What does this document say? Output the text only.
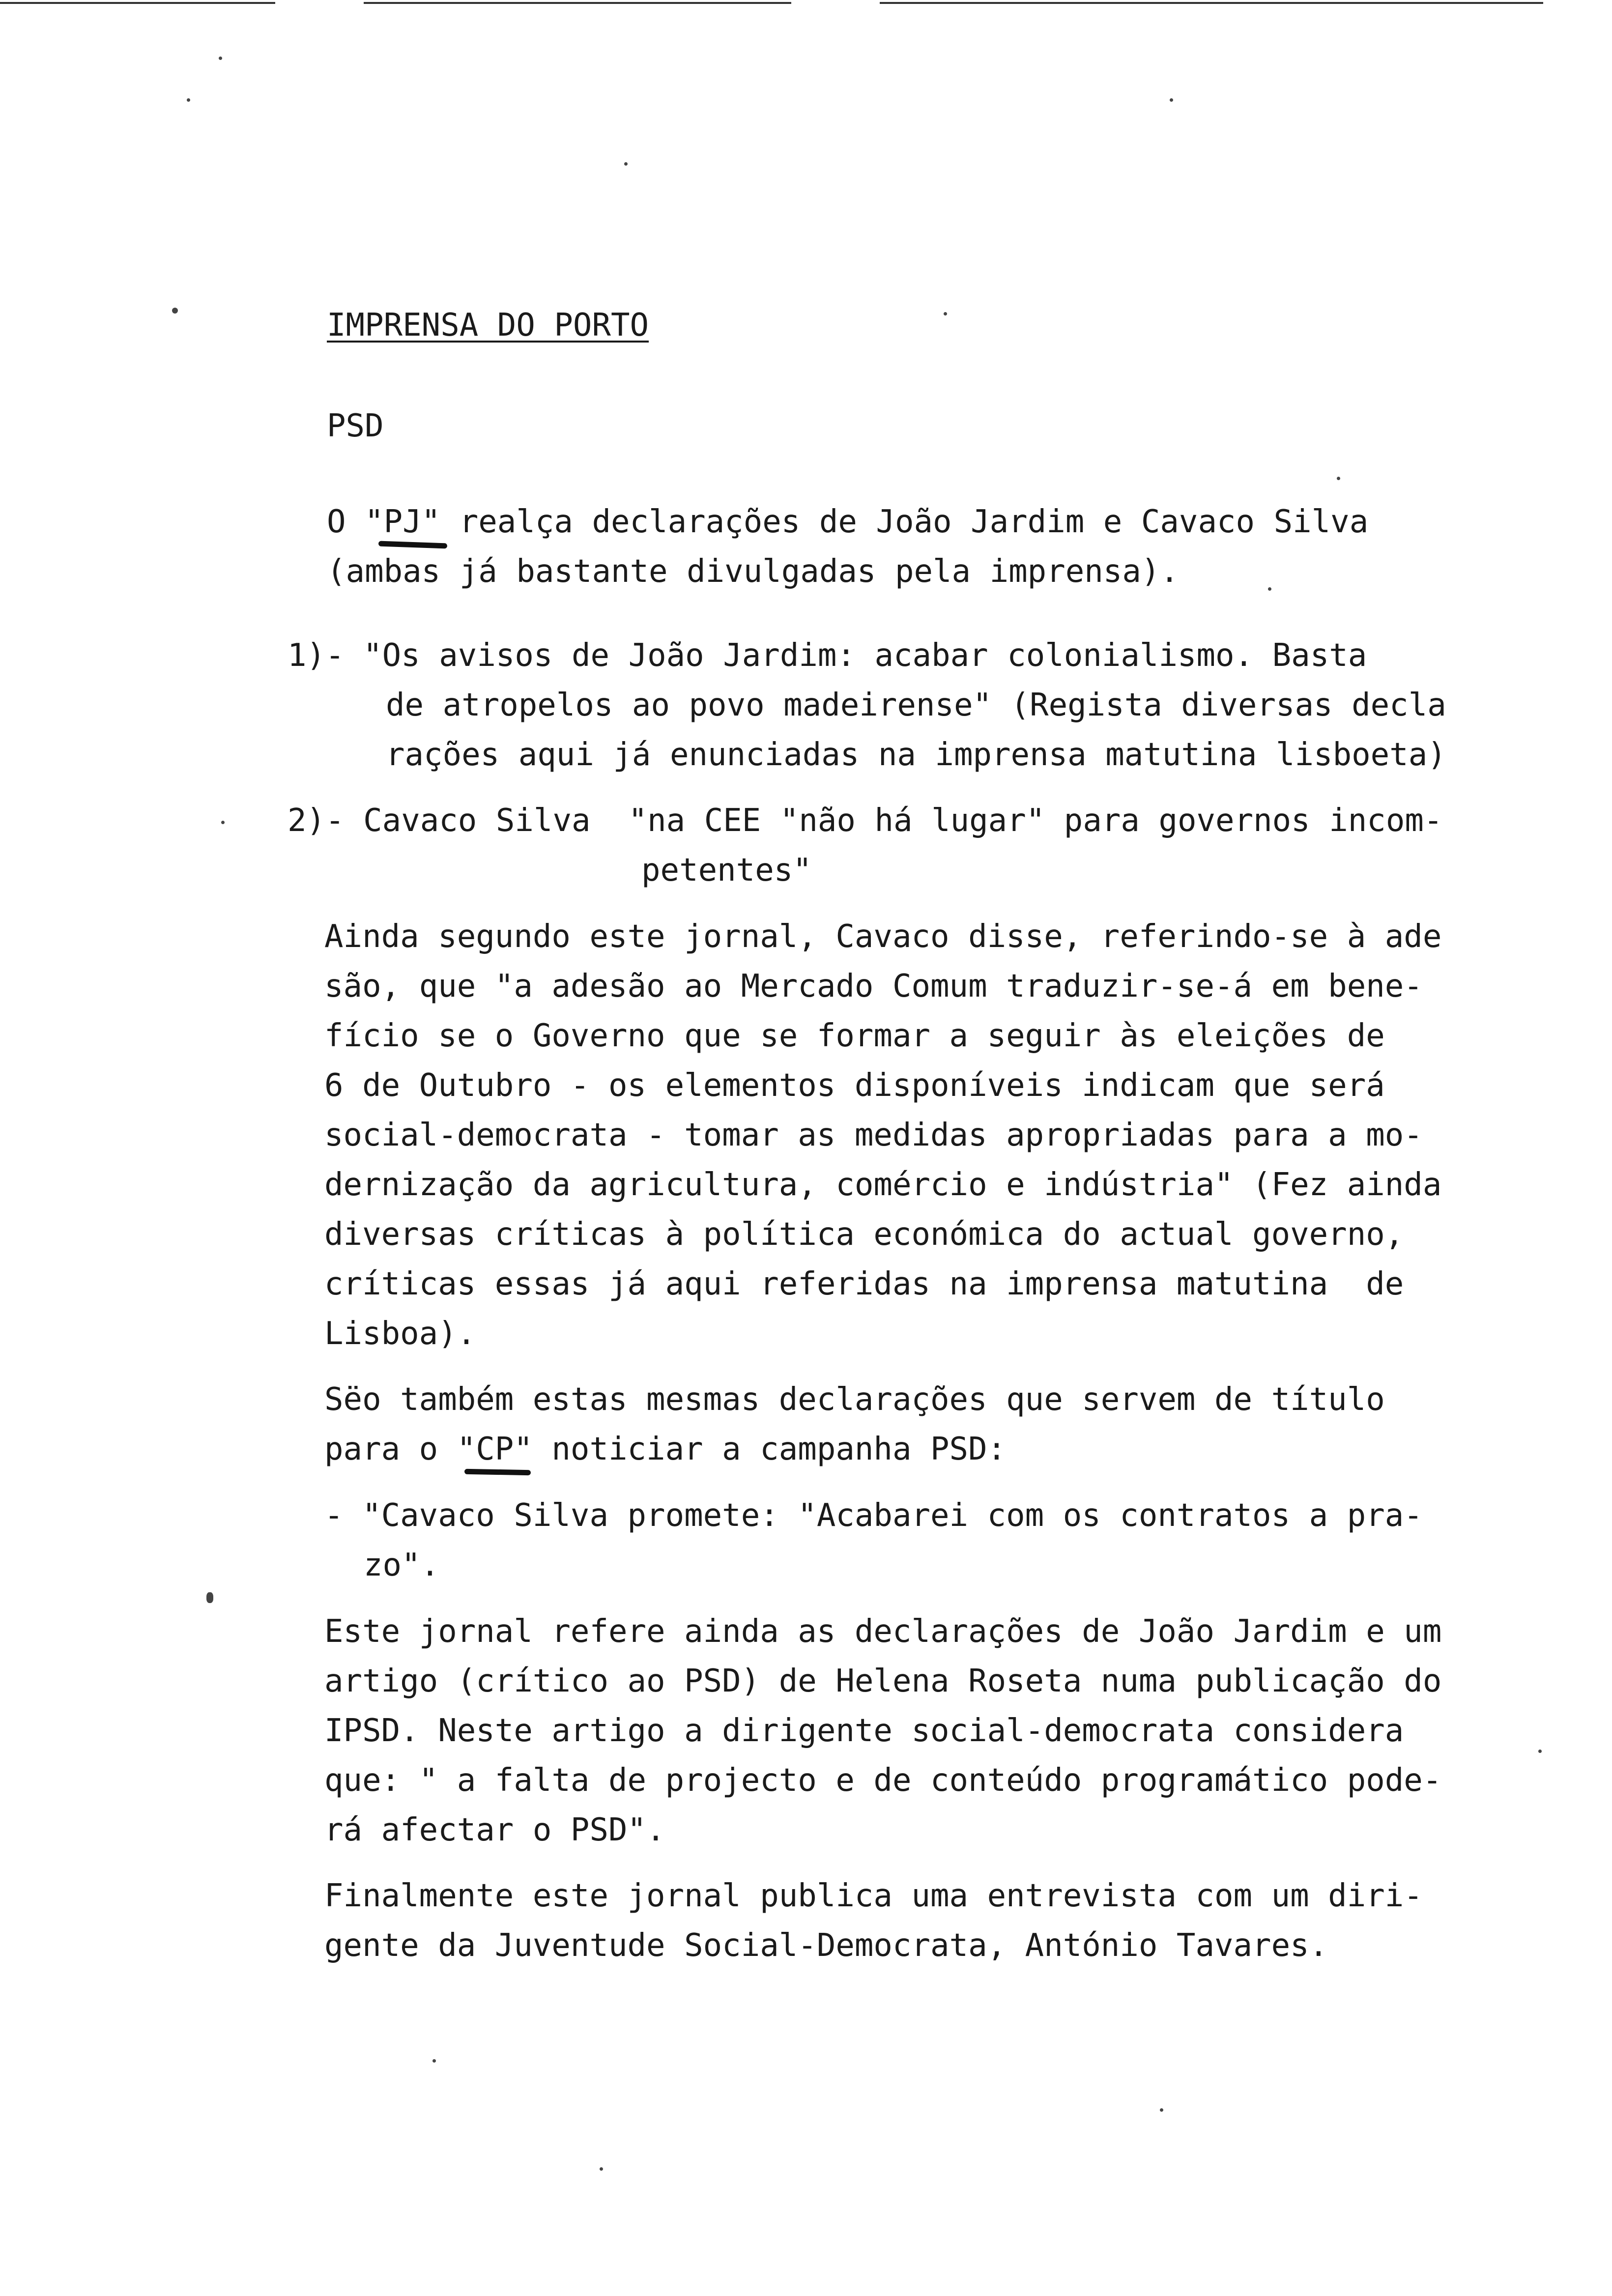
IMPRENSA DO PORTO
PSD
O "PJ" realça declarações de João Jardim e Cavaco Silva
(ambas já bastante divulgadas pela imprensa).
1)- "Os avisos de João Jardim: acabar colonialismo. Basta
de atropelos ao povo madeirense" (Regista diversas decla
rações aqui já enunciadas na imprensa matutina lisboeta)
2)- Cavaco Silva  "na CEE "não há lugar" para governos incom-
petentes"
Ainda segundo este jornal, Cavaco disse, referindo-se à ade
são, que "a adesão ao Mercado Comum traduzir-se-á em bene-
fício se o Governo que se formar a seguir às eleições de
6 de Outubro - os elementos disponíveis indicam que será
social-democrata - tomar as medidas apropriadas para a mo-
dernização da agricultura, comércio e indústria" (Fez ainda
diversas críticas à política económica do actual governo,
críticas essas já aqui referidas na imprensa matutina  de
Lisboa).
Sëo também estas mesmas declarações que servem de título
para o "CP" noticiar a campanha PSD:
- "Cavaco Silva promete: "Acabarei com os contratos a pra-
zo".
Este jornal refere ainda as declarações de João Jardim e um
artigo (crítico ao PSD) de Helena Roseta numa publicação do
IPSD. Neste artigo a dirigente social-democrata considera
que: " a falta de projecto e de conteúdo programático pode-
rá afectar o PSD".
Finalmente este jornal publica uma entrevista com um diri-
gente da Juventude Social-Democrata, António Tavares.
